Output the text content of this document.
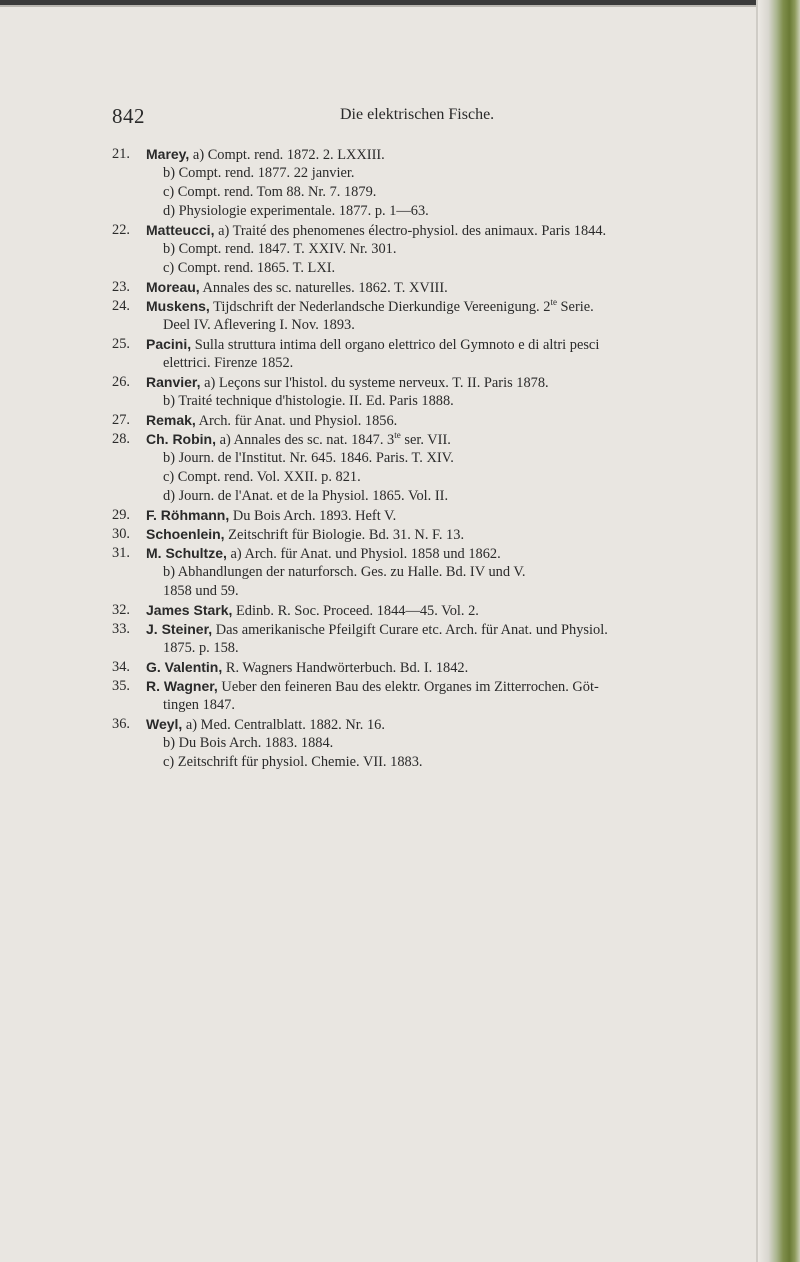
842	Die elektrischen Fische.
21. Marey, a) Compt. rend. 1872. 2. LXXIII.
b) Compt. rend. 1877. 22 janvier.
c) Compt. rend. Tom 88. Nr. 7. 1879.
d) Physiologie experimentale. 1877. p. 1—63.
22. Matteucci, a) Traité des phenomenes électro-physiol. des animaux. Paris 1844.
b) Compt. rend. 1847. T. XXIV. Nr. 301.
c) Compt. rend. 1865. T. LXI.
23. Moreau, Annales des sc. naturelles. 1862. T. XVIII.
24. Muskens, Tijdschrift der Nederlandsche Dierkundige Vereenigung. $2^{te}$ Serie.
Deel IV. Aflevering I. Nov. 1893.
25. Pacini, Sulla struttura intima dell organo elettrico del Gymnoto e di altri pesci
elettrici. Firenze 1852.
26. Ranvier, a) Leçons sur l'histol. du systeme nerveux. T. II. Paris 1878.
b) Traité technique d'histologie. II. Ed. Paris 1888.
27. Remak, Arch. für Anat. und Physiol. 1856.
28. Ch. Robin, a) Annales des sc. nat. 1847. $3^{te}$ ser. VII.
b) Journ. de l'Institut. Nr. 645. 1846. Paris. T. XIV.
c) Compt. rend. Vol. XXII. p. 821.
d) Journ. de l'Anat. et de la Physiol. 1865. Vol. II.
29. F. Röhmann, Du Bois Arch. 1893. Heft V.
30. Schoenlein, Zeitschrift für Biologie. Bd. 31. N. F. 13.
31. M. Schultze, a) Arch. für Anat. und Physiol. 1858 und 1862.
b) Abhandlungen der naturforsch. Ges. zu Halle. Bd. IV und V.
1858 und 59.
32. James Stark, Edinb. R. Soc. Proceed. 1844—45. Vol. 2.
33. J. Steiner, Das amerikanische Pfeilgift Curare etc. Arch. für Anat. und Physiol.
1875. p. 158.
34. G. Valentin, R. Wagners Handwörterbuch. Bd. I. 1842.
35. R. Wagner, Ueber den feineren Bau des elektr. Organes im Zitterrochen. Göt-
tingen 1847.
36. Weyl, a) Med. Centralblatt. 1882. Nr. 16.
b) Du Bois Arch. 1883. 1884.
c) Zeitschrift für physiol. Chemie. VII. 1883.
